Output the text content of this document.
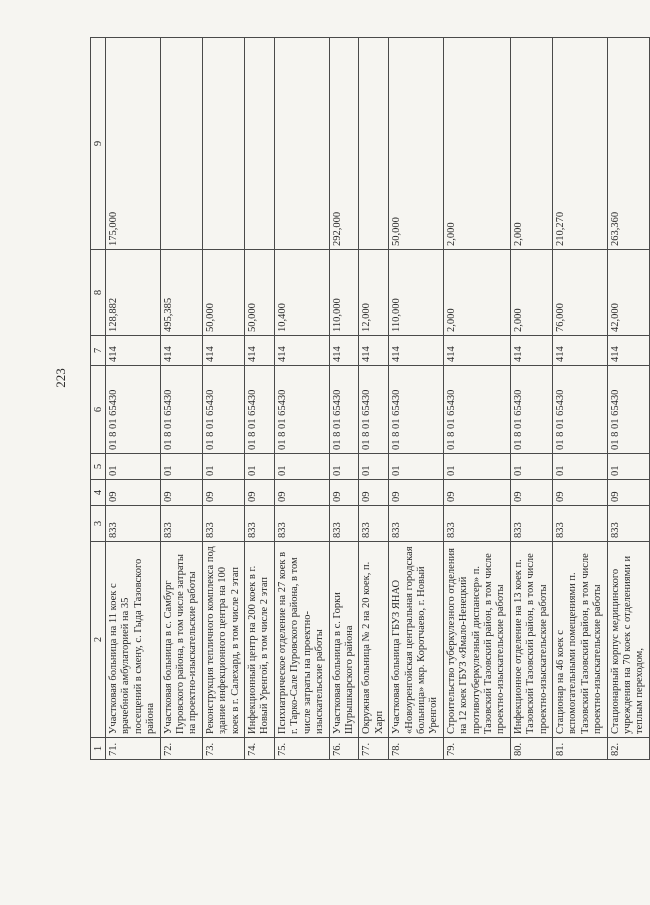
223
1	2	3	4	5	6	7	8	9
71.	Участковая больница на 11 коек с врачебной амбулаторией на 35 посещений в смену, с. Гыда Тазовского района	833	09	01	01 8 01 65430	414	128,882	175,000
72.	Участковая больница в с. Самбург Пуровского района, в том числе затраты на проектно-изыскательские работы	833	09	01	01 8 01 65430	414	495,385	
73.	Реконструкция тепличного комплекса под здание инфекционного центра на 100 коек в г. Салехард, в том числе 2 этап	833	09	01	01 8 01 65430	414	50,000	
74.	Инфекционный центр на 200 коек в г. Новый Уренгой, в том числе 2 этап	833	09	01	01 8 01 65430	414	50,000	
75.	Психиатрическое отделение на 27 коек в г. Тарко-Сале Пуровского района, в том числе затраты на проектно-изыскательские работы	833	09	01	01 8 01 65430	414	10,400	
76.	Участковая больница в с. Горки Шурышкарского района	833	09	01	01 8 01 65430	414	110,000	292,000
77.	Окружная больница № 2 на 20 коек, п. Харп	833	09	01	01 8 01 65430	414	12,000	
78.	Участковая больница ГБУЗ ЯНАО «Новоуренгойская центральная городская больница» мкр. Коротчаево, г. Новый Уренгой	833	09	01	01 8 01 65430	414	110,000	50,000
79.	Строительство туберкулезного отделения на 12 коек ГБУЗ «Ямало-Ненецкий противотуберкулезный диспансер» п. Тазовский Тазовский район, в том числе проектно-изыскательские работы	833	09	01	01 8 01 65430	414	2,000	2,000
80.	Инфекционное отделение на 13 коек п. Тазовский Тазовский район, в том числе проектно-изыскательские работы	833	09	01	01 8 01 65430	414	2,000	2,000
81.	Стационар на 46 коек с вспомогательными помещениями п. Тазовский Тазовский район, в том числе проектно-изыскательские работы	833	09	01	01 8 01 65430	414	76,000	210,270
82.	Стационарный корпус медицинского учреждения на 70 коек с отделениями и теплым переходом,	833	09	01	01 8 01 65430	414	42,000	263,360
